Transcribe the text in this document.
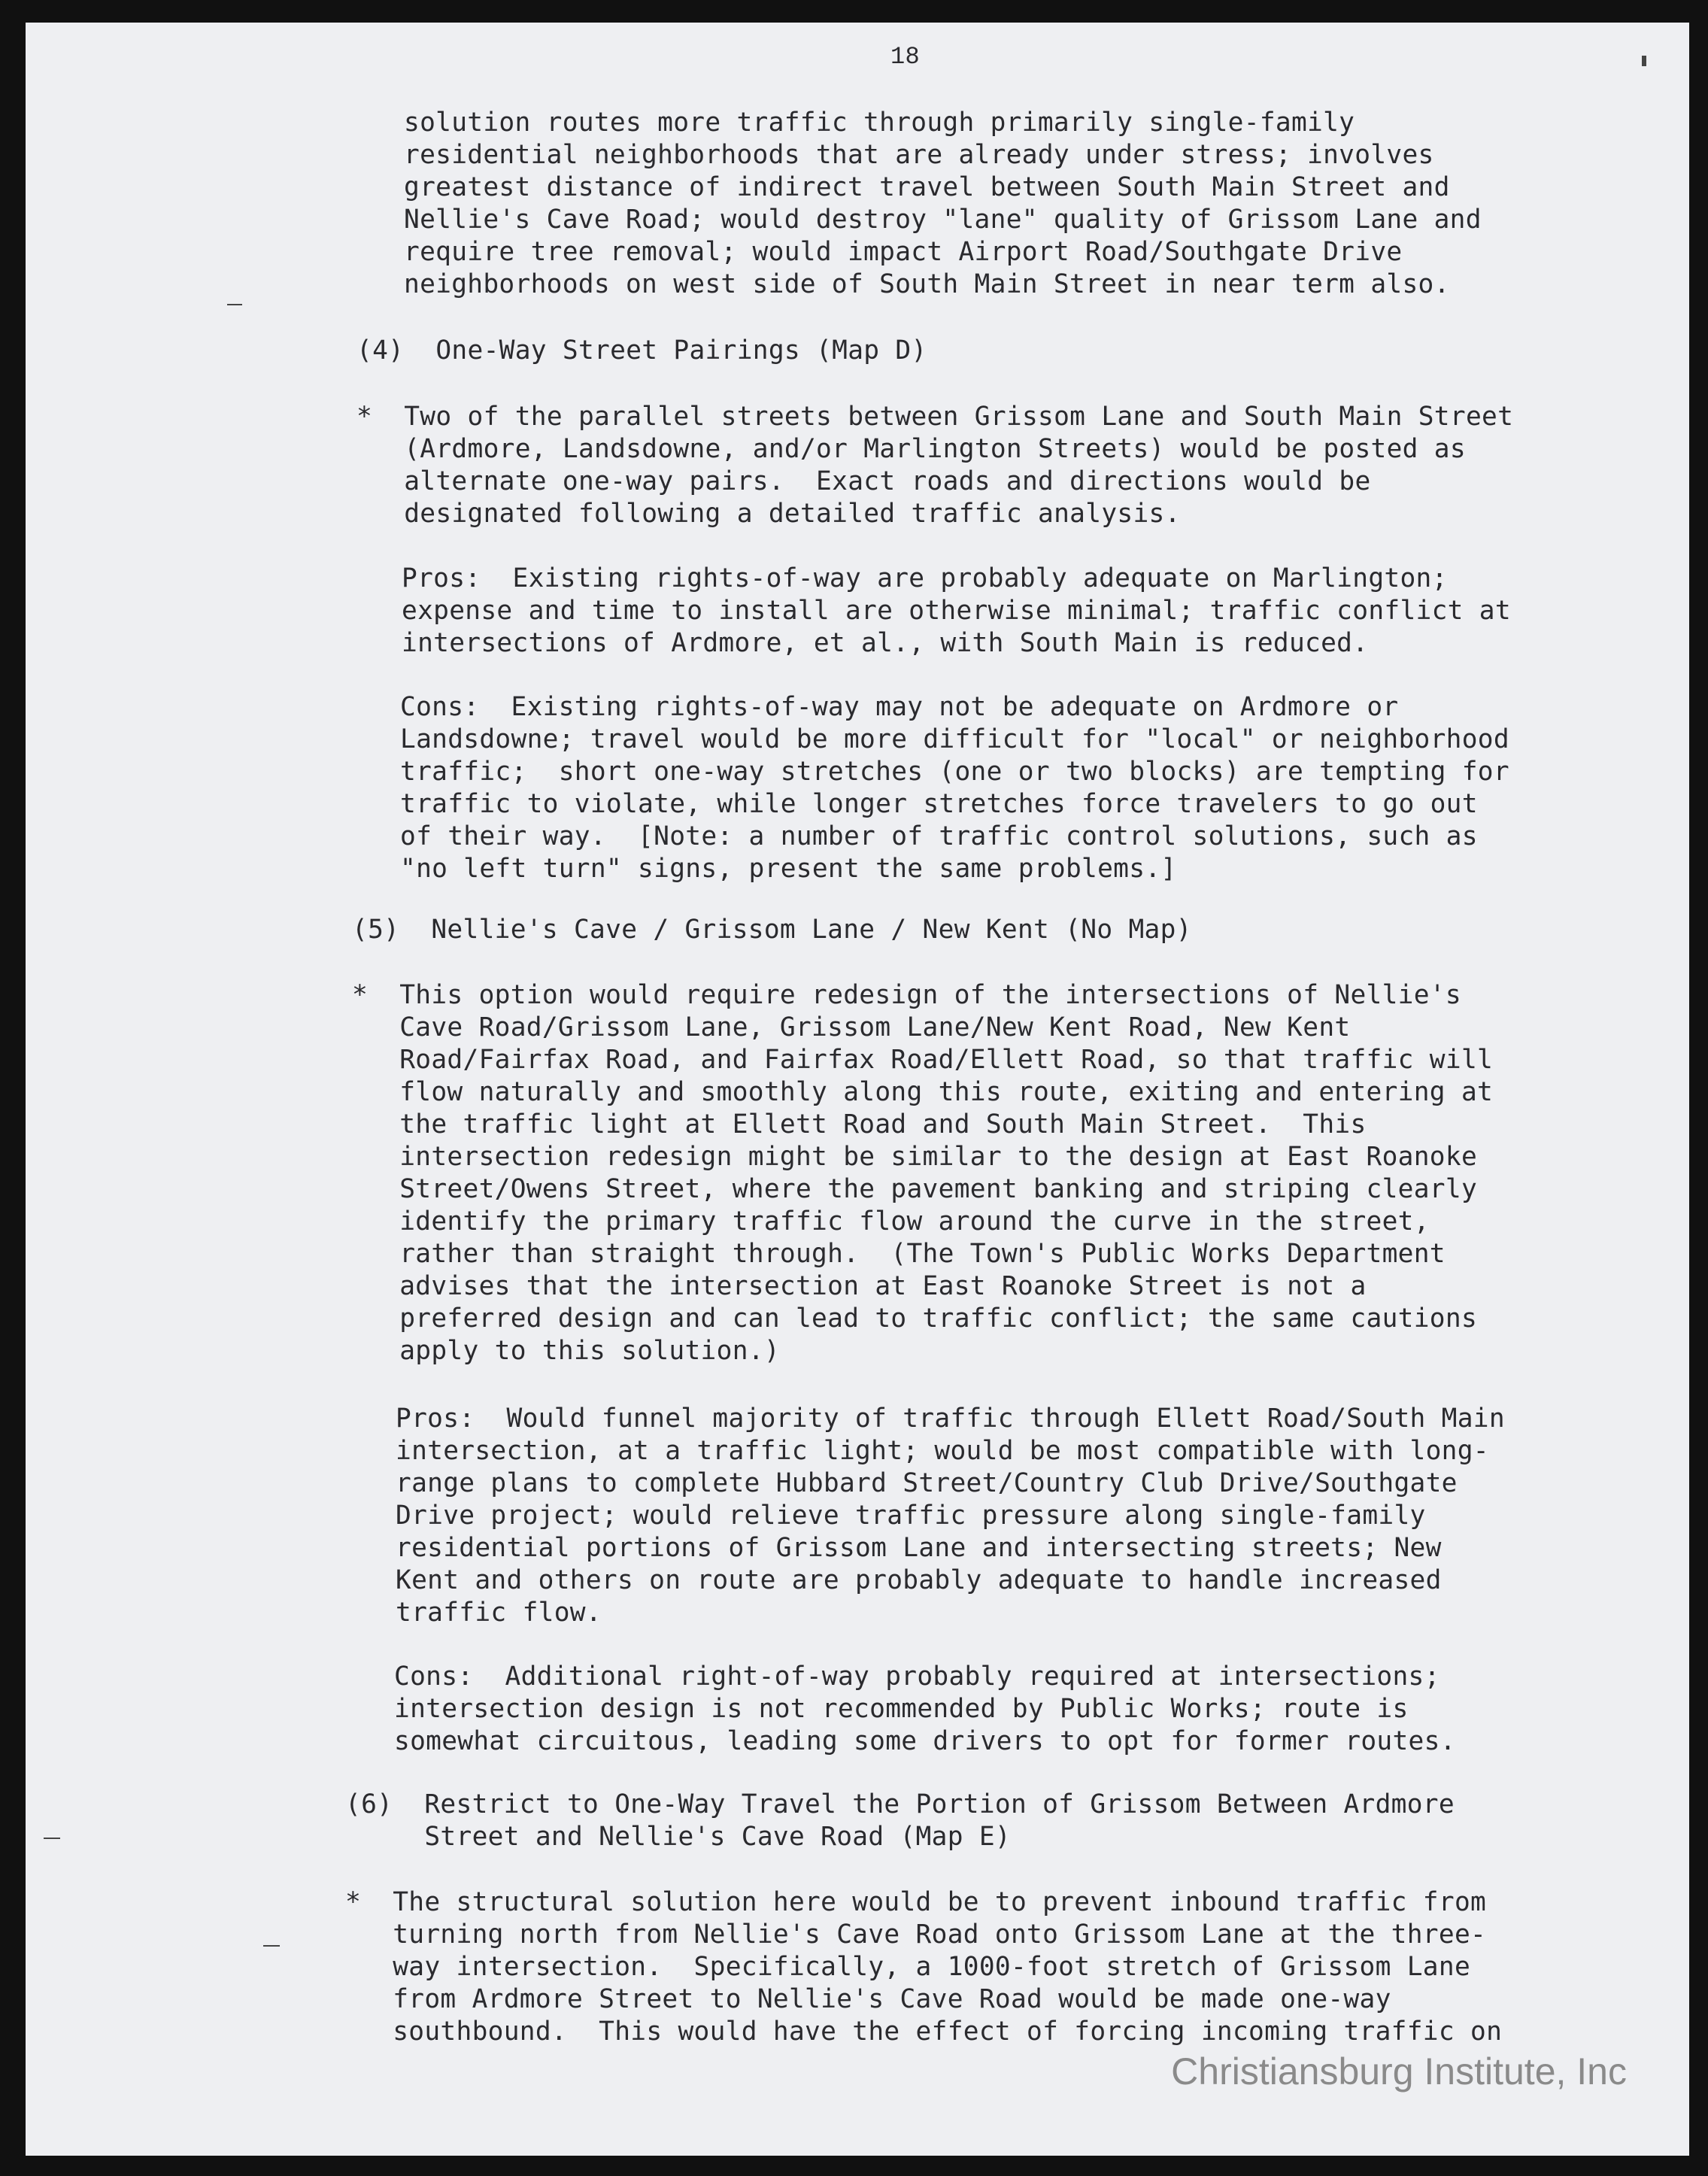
18
solution routes more traffic through primarily single-family
residential neighborhoods that are already under stress; involves
greatest distance of indirect travel between South Main Street and
Nellie's Cave Road; would destroy "lane" quality of Grissom Lane and
require tree removal; would impact Airport Road/Southgate Drive
neighborhoods on west side of South Main Street in near term also.
(4)  One-Way Street Pairings (Map D)
*  Two of the parallel streets between Grissom Lane and South Main Street
(Ardmore, Landsdowne, and/or Marlington Streets) would be posted as
alternate one-way pairs.  Exact roads and directions would be
designated following a detailed traffic analysis.
Pros:  Existing rights-of-way are probably adequate on Marlington;
expense and time to install are otherwise minimal; traffic conflict at
intersections of Ardmore, et al., with South Main is reduced.
Cons:  Existing rights-of-way may not be adequate on Ardmore or
Landsdowne; travel would be more difficult for "local" or neighborhood
traffic;  short one-way stretches (one or two blocks) are tempting for
traffic to violate, while longer stretches force travelers to go out
of their way.  [Note: a number of traffic control solutions, such as
"no left turn" signs, present the same problems.]
(5)  Nellie's Cave / Grissom Lane / New Kent (No Map)
*  This option would require redesign of the intersections of Nellie's
Cave Road/Grissom Lane, Grissom Lane/New Kent Road, New Kent
Road/Fairfax Road, and Fairfax Road/Ellett Road, so that traffic will
flow naturally and smoothly along this route, exiting and entering at
the traffic light at Ellett Road and South Main Street.  This
intersection redesign might be similar to the design at East Roanoke
Street/Owens Street, where the pavement banking and striping clearly
identify the primary traffic flow around the curve in the street,
rather than straight through.  (The Town's Public Works Department
advises that the intersection at East Roanoke Street is not a
preferred design and can lead to traffic conflict; the same cautions
apply to this solution.)
Pros:  Would funnel majority of traffic through Ellett Road/South Main
intersection, at a traffic light; would be most compatible with long-
range plans to complete Hubbard Street/Country Club Drive/Southgate
Drive project; would relieve traffic pressure along single-family
residential portions of Grissom Lane and intersecting streets; New
Kent and others on route are probably adequate to handle increased
traffic flow.
Cons:  Additional right-of-way probably required at intersections;
intersection design is not recommended by Public Works; route is
somewhat circuitous, leading some drivers to opt for former routes.
(6)  Restrict to One-Way Travel the Portion of Grissom Between Ardmore
Street and Nellie's Cave Road (Map E)
*  The structural solution here would be to prevent inbound traffic from
turning north from Nellie's Cave Road onto Grissom Lane at the three-
way intersection.  Specifically, a 1000-foot stretch of Grissom Lane
from Ardmore Street to Nellie's Cave Road would be made one-way
southbound.  This would have the effect of forcing incoming traffic on
Christiansburg Institute, Inc
